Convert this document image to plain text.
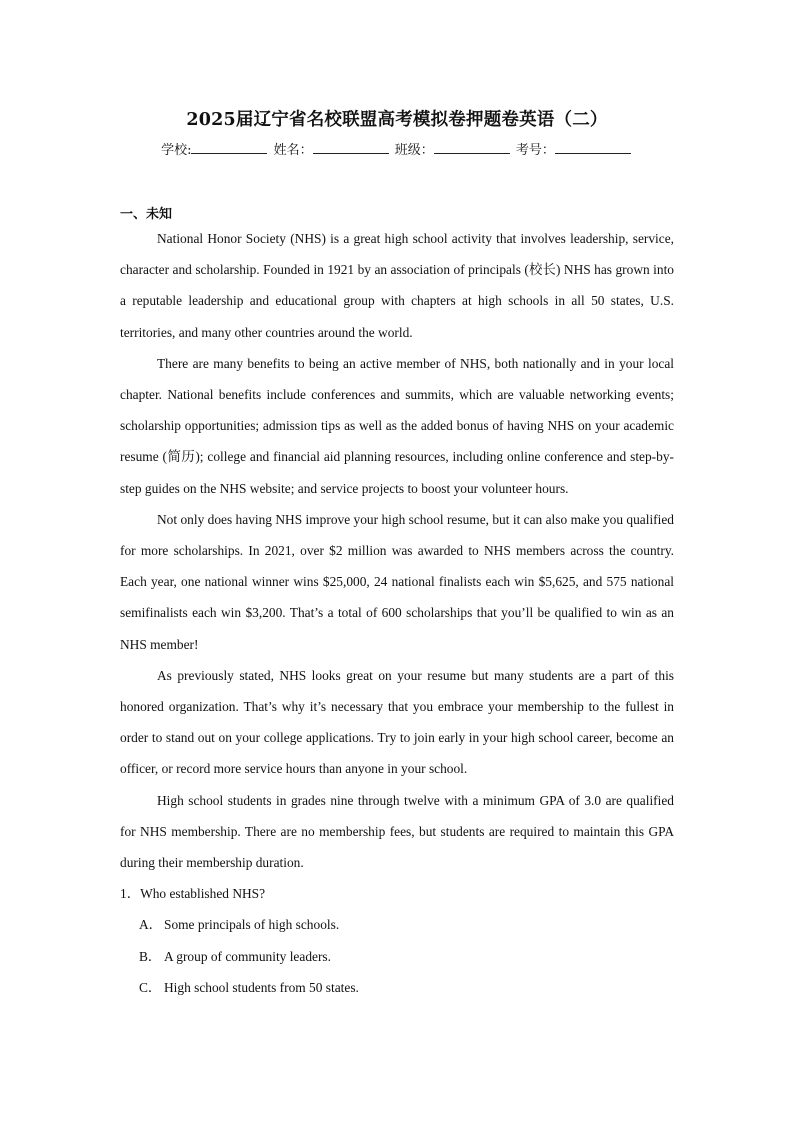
2025届辽宁省名校联盟高考模拟卷押题卷英语（二）
学校:	姓名：	班级：	考号：
一、未知

National Honor Society (NHS) is a great high school activity that involves leadership, service, character and scholarship. Founded in 1921 by an association of principals (校长) NHS has grown into a reputable leadership and educational group with chapters at high schools in all 50 states, U.S. territories, and many other countries around the world.

There are many benefits to being an active member of NHS, both nationally and in your local chapter. National benefits include conferences and summits, which are valuable networking events; scholarship opportunities; admission tips as well as the added bonus of having NHS on your academic resume (简历); college and financial aid planning resources, including online conference and step-by-step guides on the NHS website; and service projects to boost your volunteer hours.

Not only does having NHS improve your high school resume, but it can also make you qualified for more scholarships. In 2021, over $2 million was awarded to NHS members across the country. Each year, one national winner wins $25,000, 24 national finalists each win $5,625, and 575 national semifinalists each win $3,200. That’s a total of 600 scholarships that you’ll be qualified to win as an NHS member!

As previously stated, NHS looks great on your resume but many students are a part of this honored organization. That’s why it’s necessary that you embrace your membership to the fullest in order to stand out on your college applications. Try to join early in your high school career, become an officer, or record more service hours than anyone in your school.

High school students in grades nine through twelve with a minimum GPA of 3.0 are qualified for NHS membership. There are no membership fees, but students are required to maintain this GPA during their membership duration.

1．Who established NHS?
A． Some principals of high schools.
B． A group of community leaders.
C． High school students from 50 states.
